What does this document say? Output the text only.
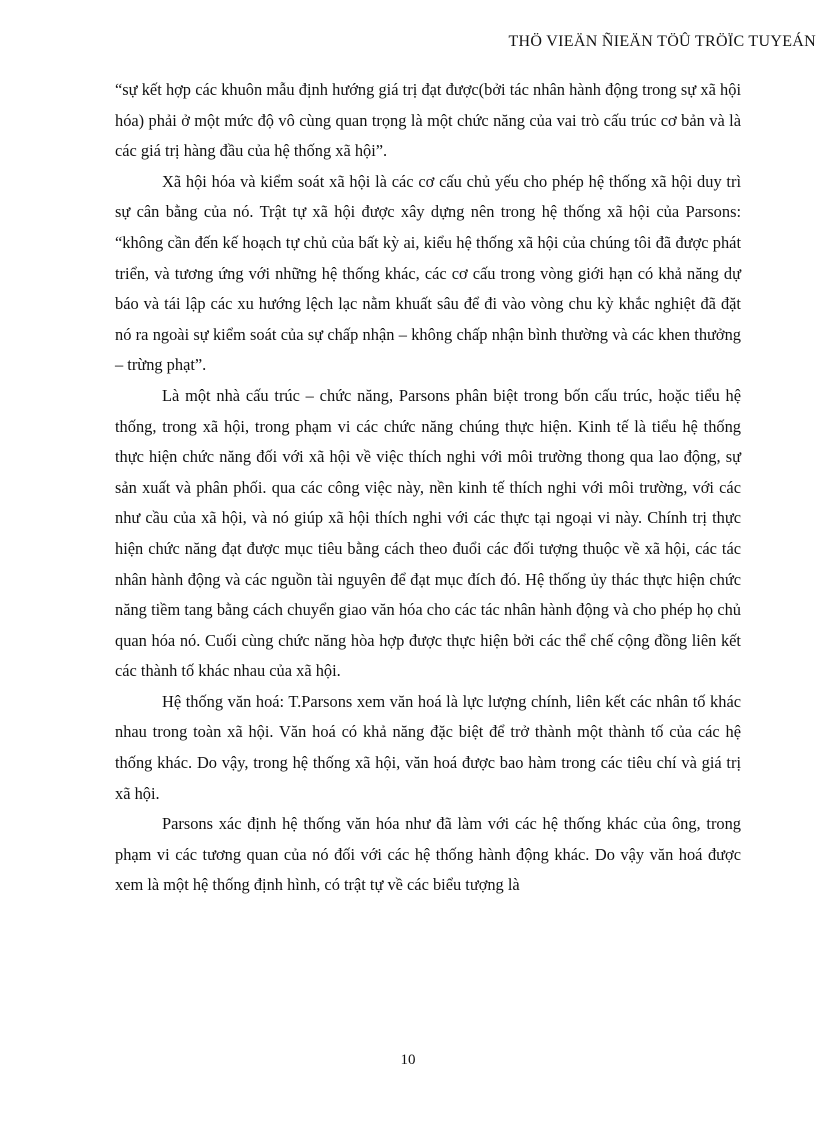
THÖ VIEÄN ÑIEÄN TÖÛ TRÖÏC TUYEÁN

“sự kết hợp các khuôn mẫu định hướng giá trị đạt được(bởi tác nhân hành động trong sự xã hội hóa) phải ở một mức độ vô cùng quan trọng là một chức năng của vai trò cấu trúc cơ bản và là các giá trị hàng đầu của hệ thống xã hội”.

Xã hội hóa và kiểm soát xã hội là các cơ cấu chủ yếu cho phép hệ thống xã hội duy trì sự cân bằng của nó. Trật tự xã hội được xây dựng nên trong hệ thống xã hội của Parsons: “không cần đến kế hoạch tự chủ của bất kỳ ai, kiểu hệ thống xã hội của chúng tôi đã được phát triển, và tương ứng với những hệ thống khác, các cơ cấu trong vòng giới hạn có khả năng dự báo và tái lập các xu hướng lệch lạc nằm khuất sâu để đi vào vòng chu kỳ khắc nghiệt đã đặt nó ra ngoài sự kiểm soát của sự chấp nhận – không chấp nhận bình thường và các khen thưởng – trừng phạt”.

Là một nhà cấu trúc – chức năng, Parsons phân biệt trong bốn cấu trúc, hoặc tiểu hệ thống, trong xã hội, trong phạm vi các chức năng chúng thực hiện. Kinh tế là tiểu hệ thống thực hiện chức năng đối với xã hội về việc thích nghi với môi trường thong qua lao động, sự sản xuất và phân phối. qua các công việc này, nền kinh tế thích nghi với môi trường, với các như cầu của xã hội, và nó giúp xã hội thích nghi với các thực tại ngoại vi này. Chính trị thực hiện chức năng đạt được mục tiêu bằng cách theo đuổi các đối tượng thuộc về xã hội, các tác nhân hành động và các nguồn tài nguyên để đạt mục đích đó. Hệ thống ủy thác thực hiện chức năng tiềm tang bằng cách chuyển giao văn hóa cho các tác nhân hành động và cho phép họ chủ quan hóa nó. Cuối cùng chức năng hòa hợp được thực hiện bởi các thể chế cộng đồng liên kết các thành tố khác nhau của xã hội.

Hệ thống văn hoá: T.Parsons xem văn hoá là lực lượng chính, liên kết các nhân tố khác nhau trong toàn xã hội. Văn hoá có khả năng đặc biệt để trở thành một thành tố của các hệ thống khác. Do vậy, trong hệ thống xã hội, văn hoá được bao hàm trong các tiêu chí và giá trị xã hội.

Parsons xác định hệ thống văn hóa như đã làm với các hệ thống khác của ông, trong phạm vi các tương quan của nó đối với các hệ thống hành động khác. Do vậy văn hoá được xem là một hệ thống định hình, có trật tự về các biểu tượng là

10
